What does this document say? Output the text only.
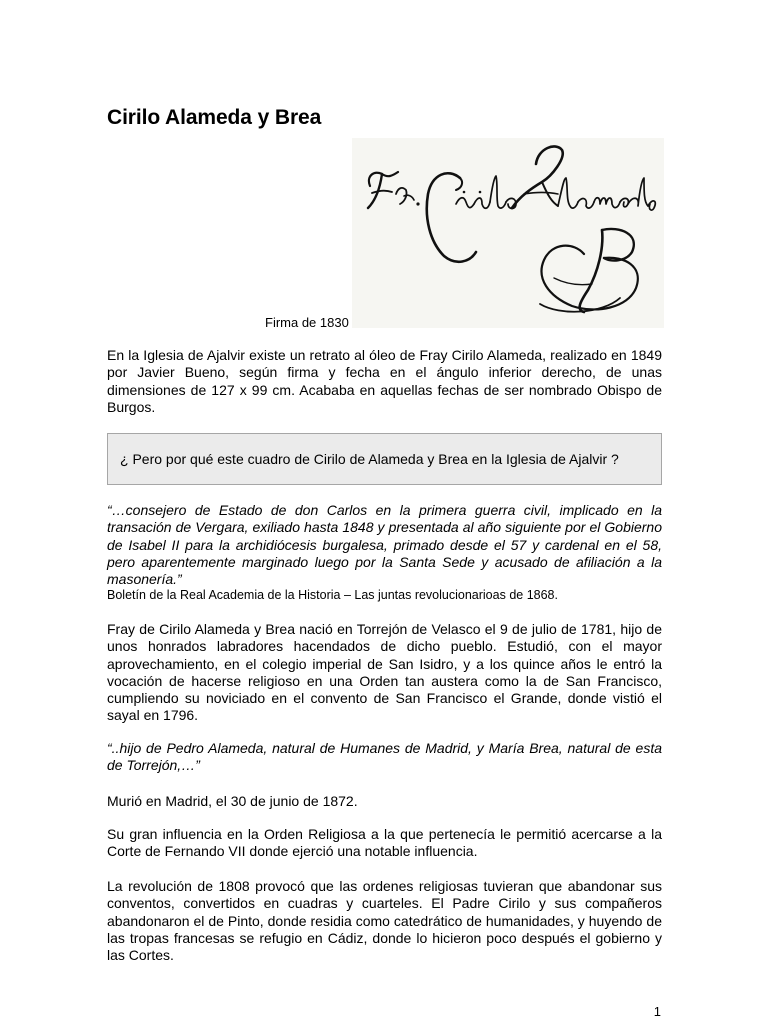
Cirilo Alameda y Brea
Firma de 1830

En la Iglesia de Ajalvir existe un retrato al óleo de Fray Cirilo Alameda, realizado en 1849 por Javier Bueno, según firma y fecha en el ángulo inferior derecho, de unas dimensiones de 127 x 99 cm. Acababa en aquellas fechas de ser nombrado Obispo de Burgos.

¿ Pero por qué este cuadro de Cirilo de Alameda y Brea en la Iglesia de Ajalvir ?

“…consejero de Estado de don Carlos en la primera guerra civil, implicado en la transación de Vergara, exiliado hasta 1848 y presentada al año siguiente por el Gobierno de Isabel II para la archidiócesis burgalesa, primado desde el 57 y cardenal en el 58, pero aparentemente marginado luego por la Santa Sede y acusado de afiliación a la masonería.”

Boletín de la Real Academia de la Historia – Las juntas revolucionarioas de 1868.

Fray de Cirilo Alameda y Brea nació en Torrejón de Velasco el 9 de julio de 1781, hijo de unos honrados labradores hacendados de dicho pueblo. Estudió, con el mayor aprovechamiento, en el colegio imperial de San Isidro, y a los quince años le entró la vocación de hacerse religioso en una Orden tan austera como la de San Francisco, cumpliendo su noviciado en el convento de San Francisco el Grande, donde vistió el sayal en 1796.

“..hijo de Pedro Alameda, natural de Humanes de Madrid, y María Brea, natural de esta de Torrejón,…”

Murió en Madrid, el 30 de junio de 1872.

Su gran influencia en la Orden Religiosa a la que pertenecía le permitió acercarse a la Corte de Fernando VII donde ejerció una notable influencia.

La revolución de 1808 provocó que las ordenes religiosas tuvieran que abandonar sus conventos, convertidos en cuadras y cuarteles. El Padre Cirilo y sus compañeros abandonaron el de Pinto, donde residia como catedrático de humanidades, y huyendo de las tropas francesas se refugio en Cádiz, donde lo hicieron poco después el gobierno y las Cortes.

1
